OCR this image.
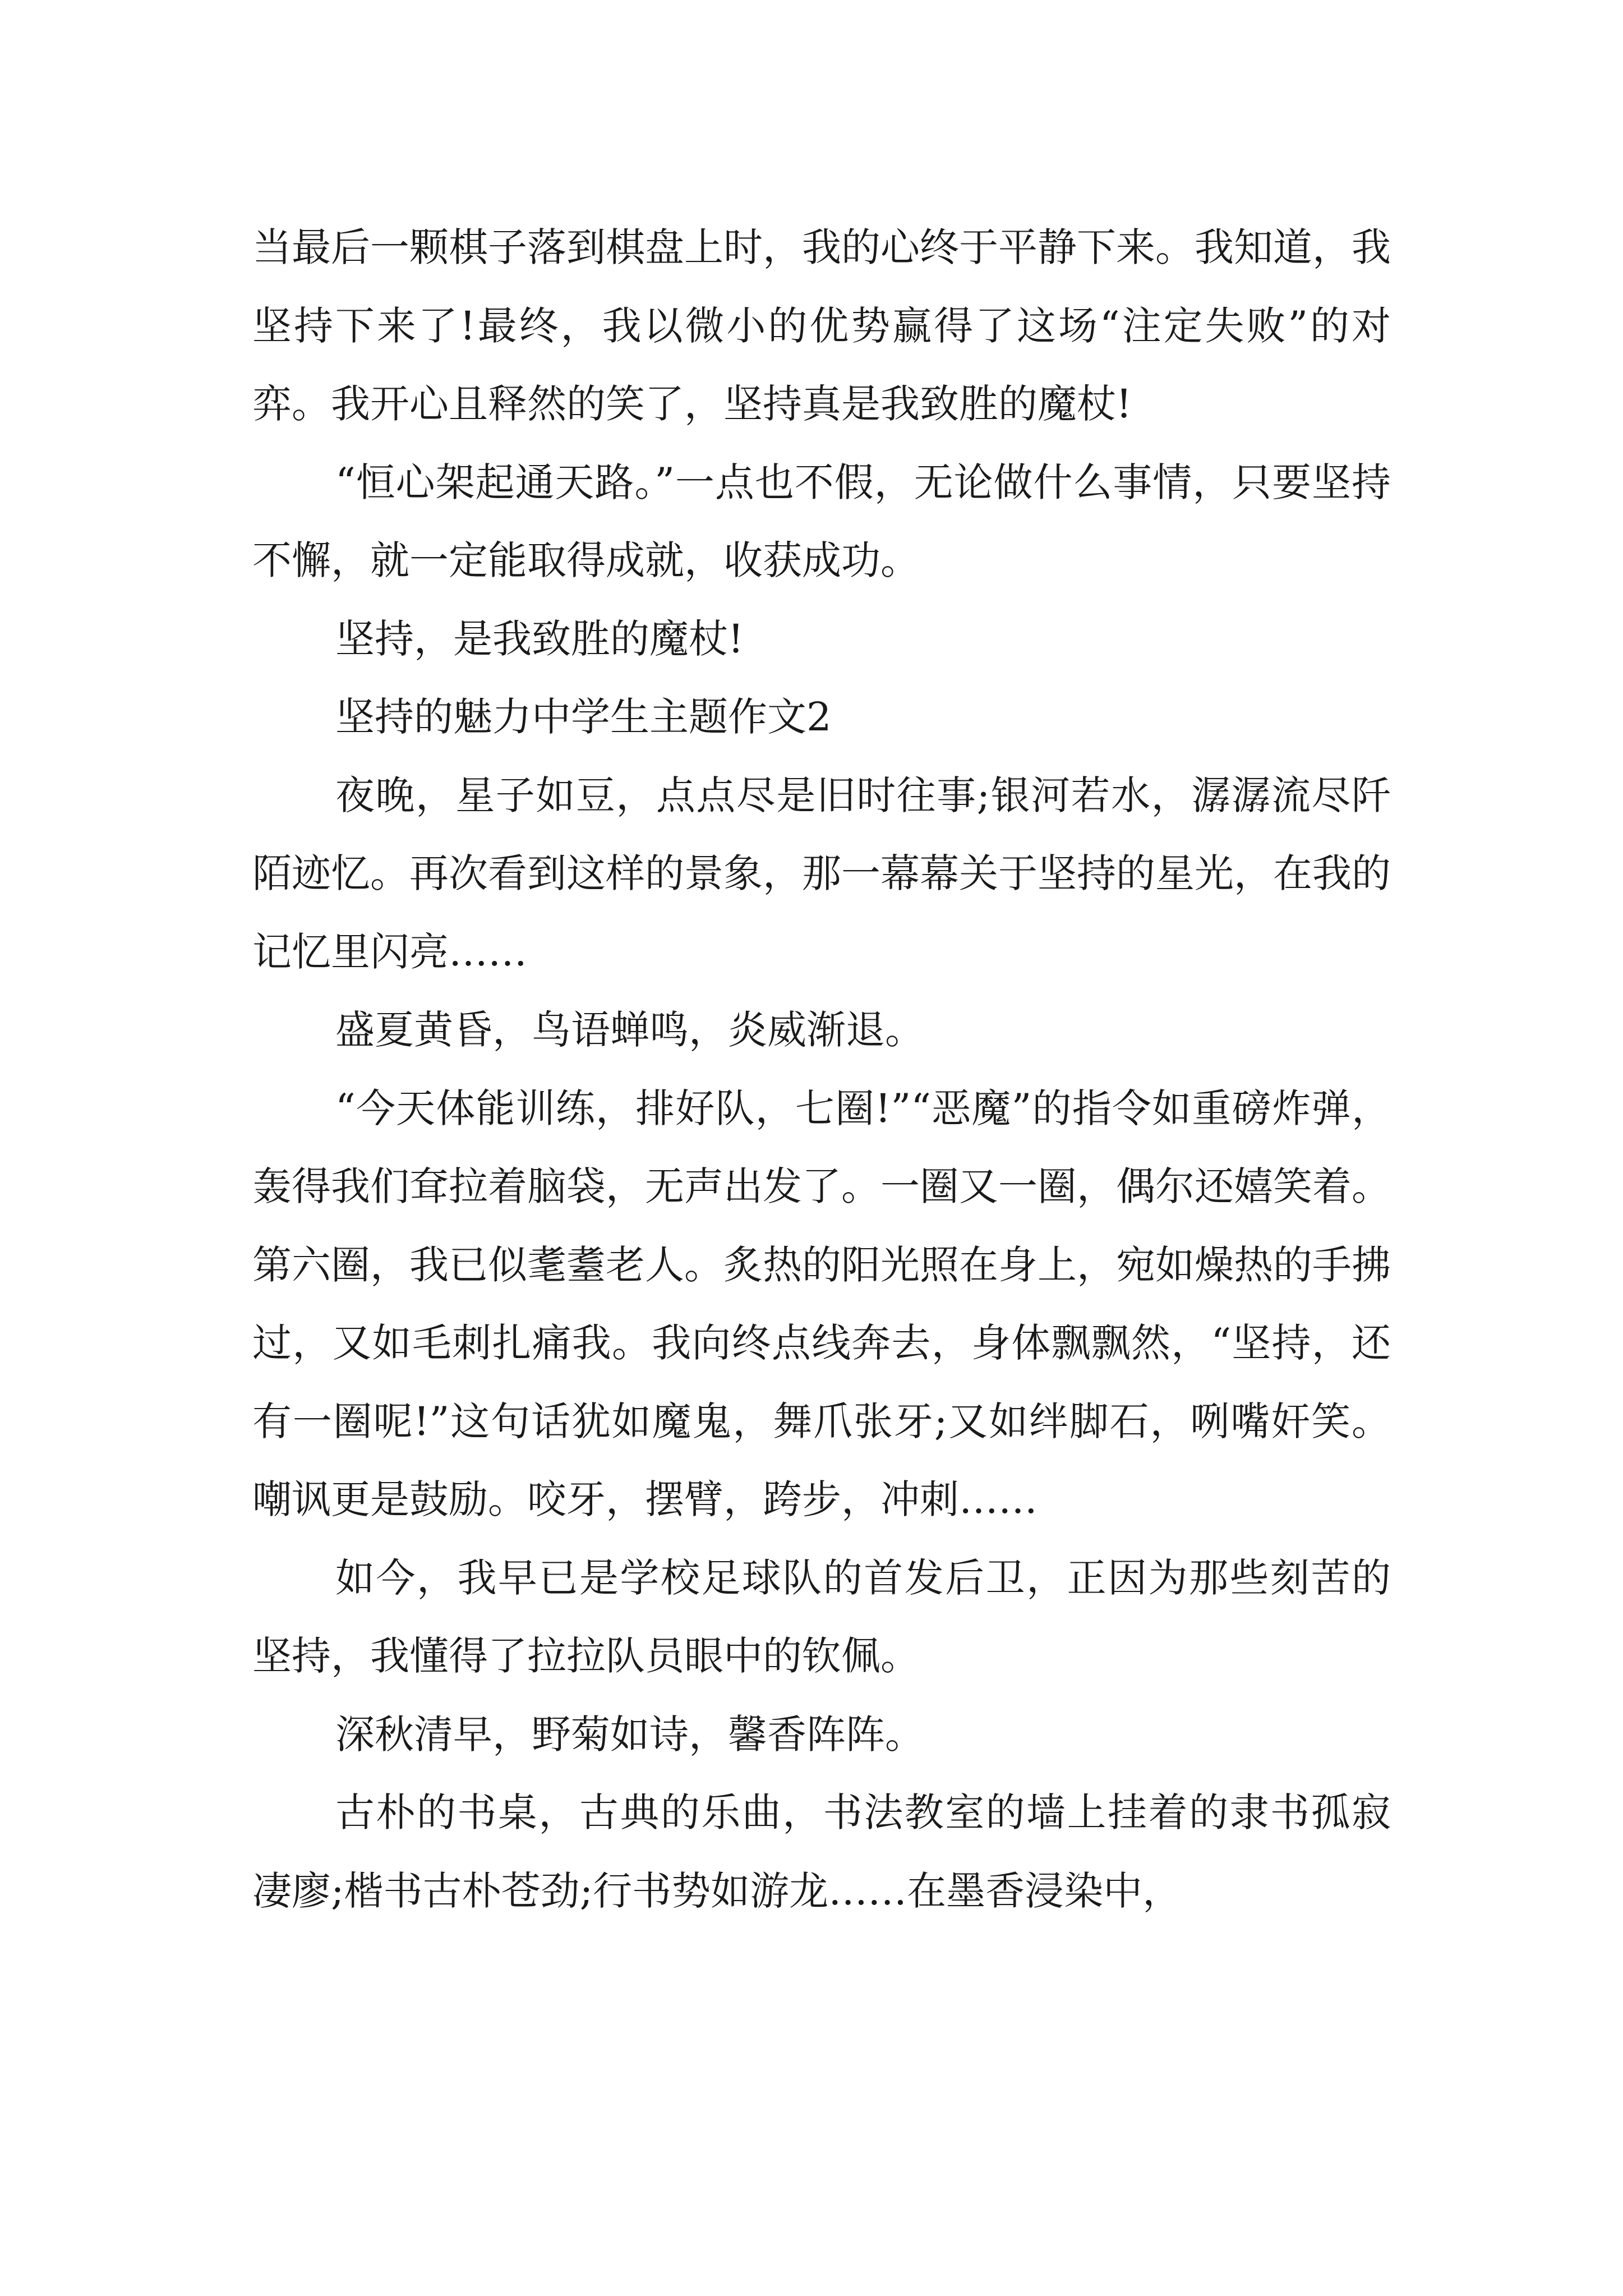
当最后一颗棋子落到棋盘上时，我的心终于平静下来。我知道，我坚持下来了!最终，我以微小的优势赢得了这场“注定失败”的对弈。我开心且释然的笑了，坚持真是我致胜的魔杖!

“恒心架起通天路。”一点也不假，无论做什么事情，只要坚持不懈，就一定能取得成就，收获成功。

坚持，是我致胜的魔杖!

坚持的魅力中学生主题作文2

夜晚，星子如豆，点点尽是旧时往事;银河若水，潺潺流尽阡陌迹忆。再次看到这样的景象，那一幕幕关于坚持的星光，在我的记忆里闪亮……

盛夏黄昏，鸟语蝉鸣，炎威渐退。

“今天体能训练，排好队，七圈!”“恶魔”的指令如重磅炸弹，轰得我们耷拉着脑袋，无声出发了。一圈又一圈，偶尔还嬉笑着。第六圈，我已似耄耋老人。炙热的阳光照在身上，宛如燥热的手拂过，又如毛刺扎痛我。我向终点线奔去，身体飘飘然，“坚持，还有一圈呢!”这句话犹如魔鬼，舞爪张牙;又如绊脚石，咧嘴奸笑。嘲讽更是鼓励。咬牙，摆臂，跨步，冲刺……

如今，我早已是学校足球队的首发后卫，正因为那些刻苦的坚持，我懂得了拉拉队员眼中的钦佩。

深秋清早，野菊如诗，馨香阵阵。

古朴的书桌，古典的乐曲，书法教室的墙上挂着的隶书孤寂凄廖;楷书古朴苍劲;行书势如游龙……在墨香浸染中，
